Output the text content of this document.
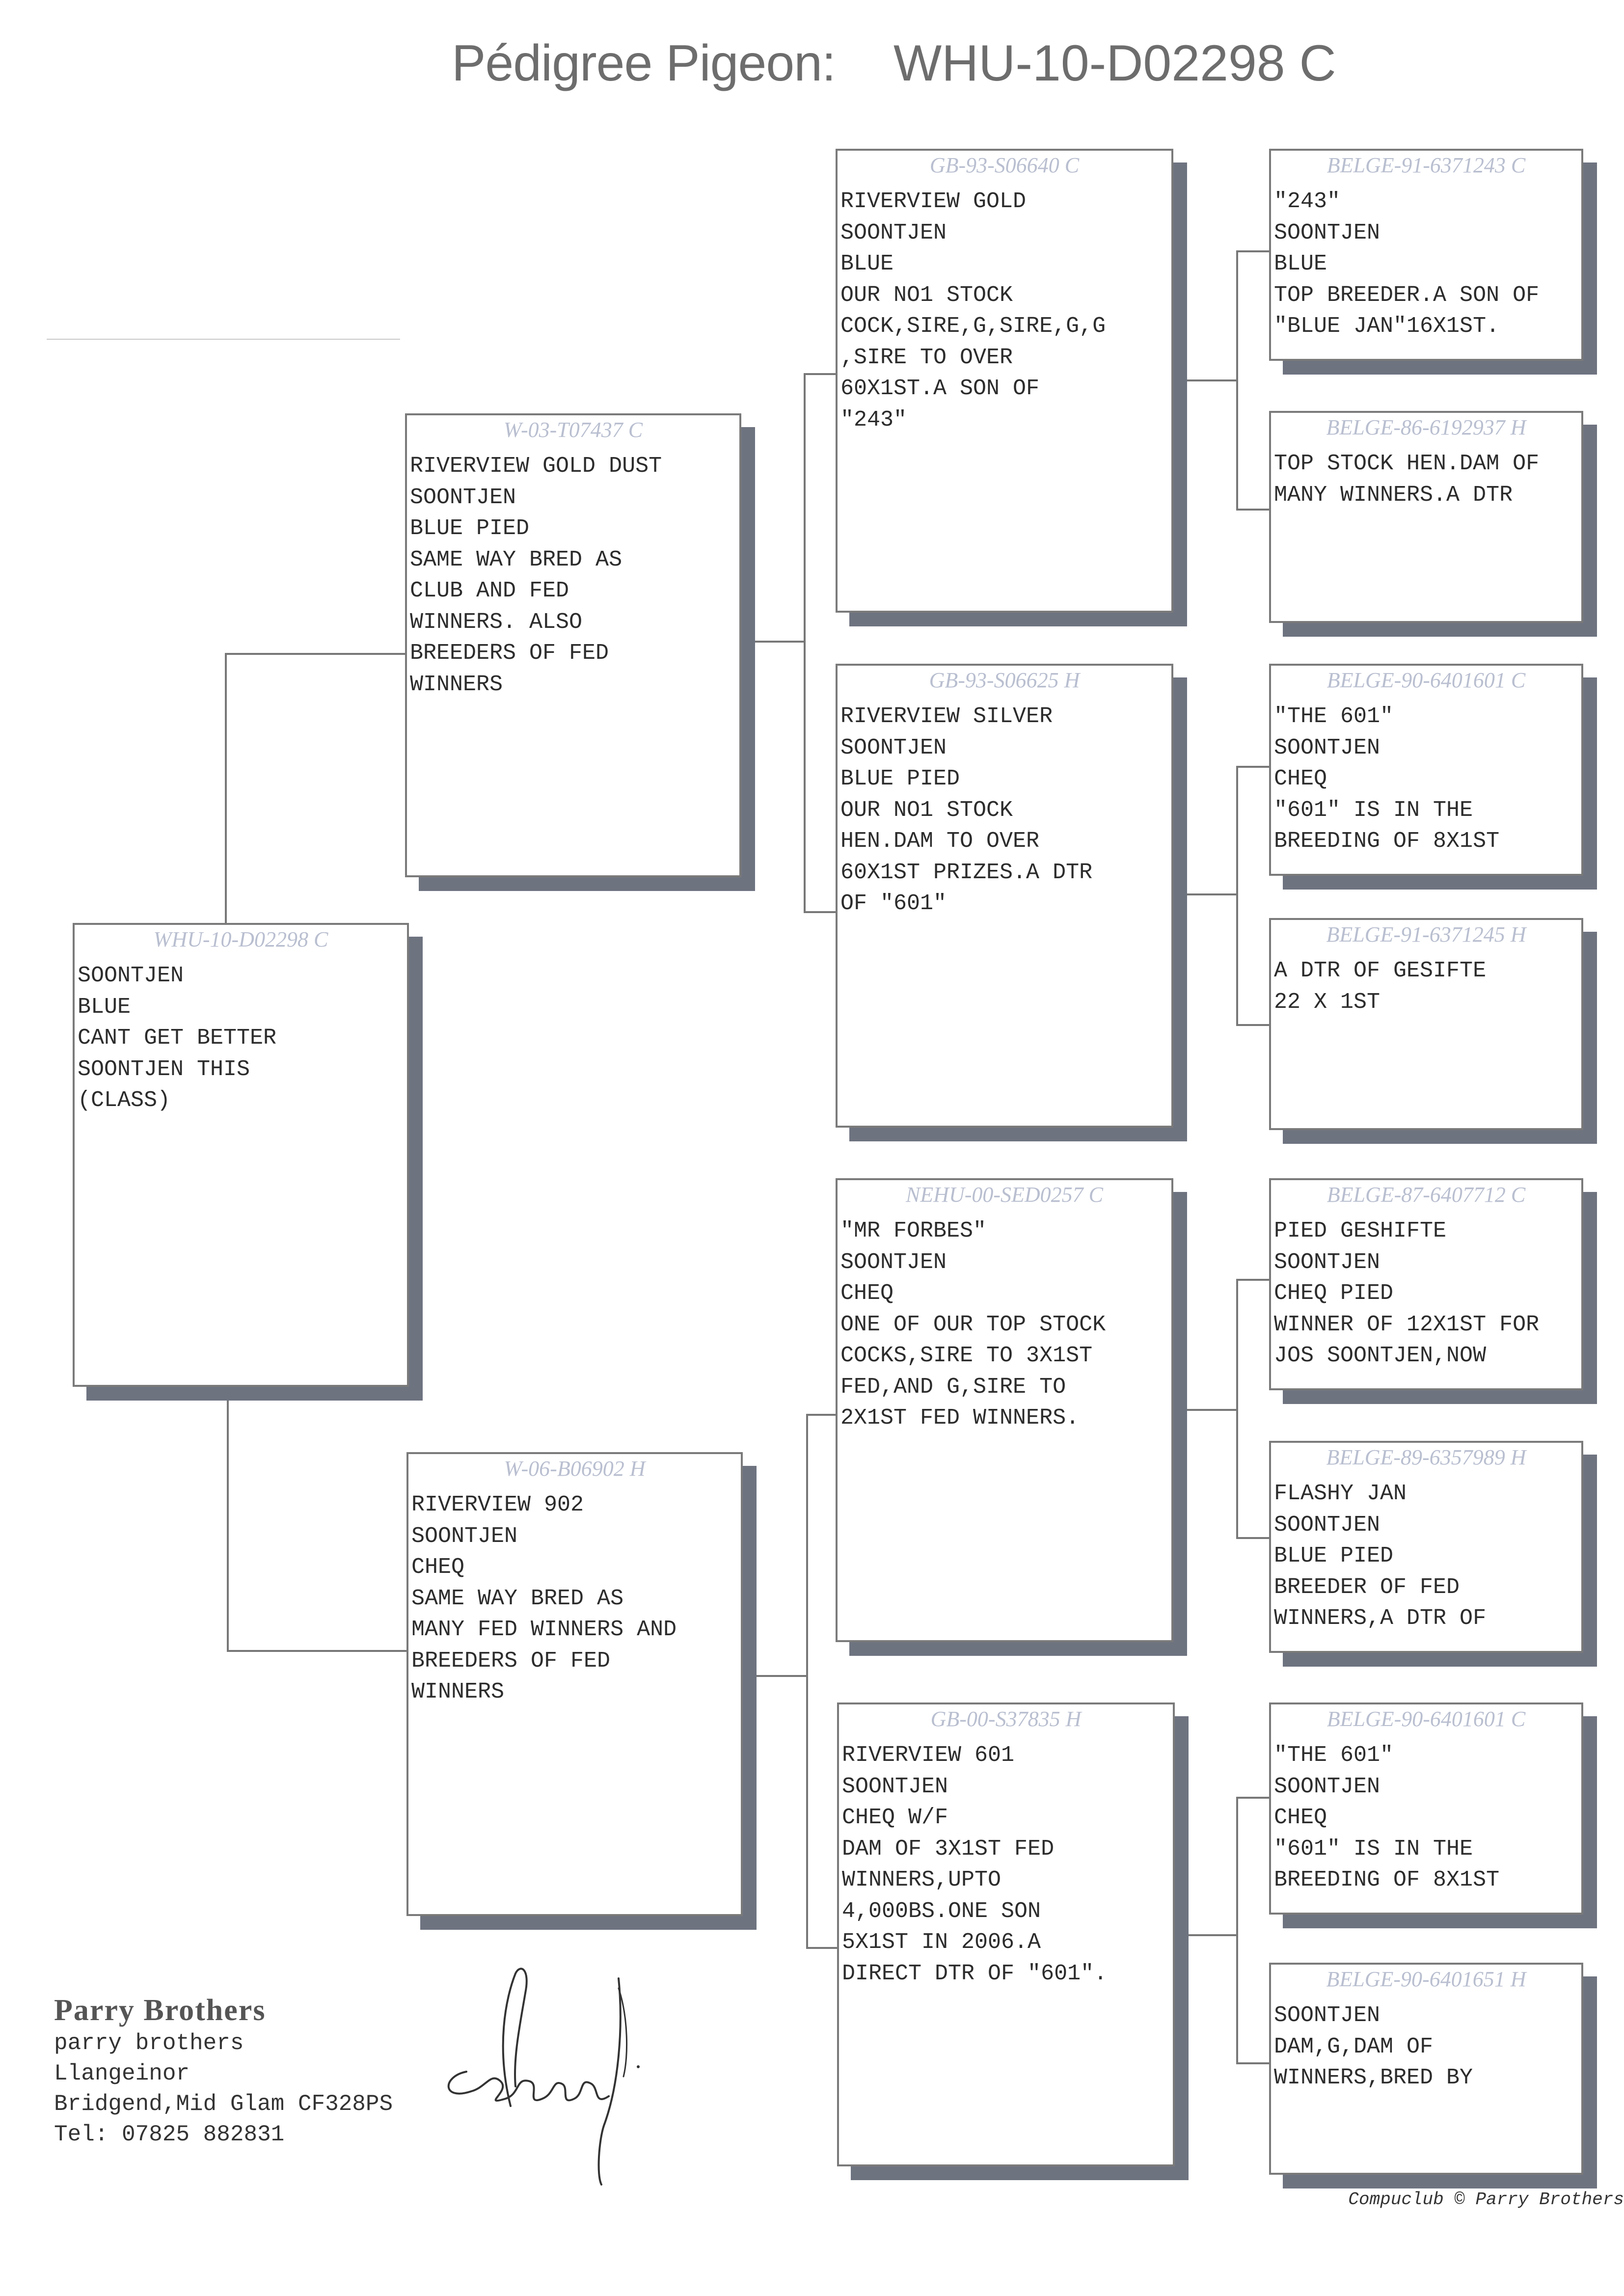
Pédigree Pigeon: WHU-10-D02298 C
WHU-10-D02298 C
SOONTJEN
BLUE
CANT GET BETTER
SOONTJEN THIS
(CLASS)
W-03-T07437 C
RIVERVIEW GOLD DUST
SOONTJEN
BLUE PIED
SAME WAY BRED AS
CLUB AND FED
WINNERS. ALSO
BREEDERS OF FED
WINNERS
W-06-B06902 H
RIVERVIEW 902
SOONTJEN
CHEQ
SAME WAY BRED AS
MANY FED WINNERS AND
BREEDERS OF FED
WINNERS
GB-93-S06640 C
RIVERVIEW GOLD
SOONTJEN
BLUE
OUR NO1 STOCK
COCK,SIRE,G,SIRE,G,G
,SIRE TO OVER
60X1ST.A SON OF
"243"
GB-93-S06625 H
RIVERVIEW SILVER
SOONTJEN
BLUE PIED
OUR NO1 STOCK
HEN.DAM TO OVER
60X1ST PRIZES.A DTR
OF "601"
NEHU-00-SED0257 C
"MR FORBES"
SOONTJEN
CHEQ
ONE OF OUR TOP STOCK
COCKS,SIRE TO 3X1ST
FED,AND G,SIRE TO
2X1ST FED WINNERS.
GB-00-S37835 H
RIVERVIEW 601
SOONTJEN
CHEQ W/F
DAM OF 3X1ST FED
WINNERS,UPTO
4,000BS.ONE SON
5X1ST IN 2006.A
DIRECT DTR OF "601".
BELGE-91-6371243 C
"243"
SOONTJEN
BLUE
TOP BREEDER.A SON OF
"BLUE JAN"16X1ST.
BELGE-86-6192937 H
TOP STOCK HEN.DAM OF
MANY WINNERS.A DTR
BELGE-90-6401601 C
"THE 601"
SOONTJEN
CHEQ
"601" IS IN THE
BREEDING OF 8X1ST
BELGE-91-6371245 H
A DTR OF GESIFTE
22 X 1ST
BELGE-87-6407712 C
PIED GESHIFTE
SOONTJEN
CHEQ PIED
WINNER OF 12X1ST FOR
JOS SOONTJEN,NOW
BELGE-89-6357989 H
FLASHY JAN
SOONTJEN
BLUE PIED
BREEDER OF FED
WINNERS,A DTR OF
BELGE-90-6401601 C
"THE 601"
SOONTJEN
CHEQ
"601" IS IN THE
BREEDING OF 8X1ST
BELGE-90-6401651 H
SOONTJEN
DAM,G,DAM OF
WINNERS,BRED BY
Parry Brothers
parry brothers
Llangeinor
Bridgend,Mid Glam CF328PS
Tel: 07825 882831
Compuclub © Parry Brothers
